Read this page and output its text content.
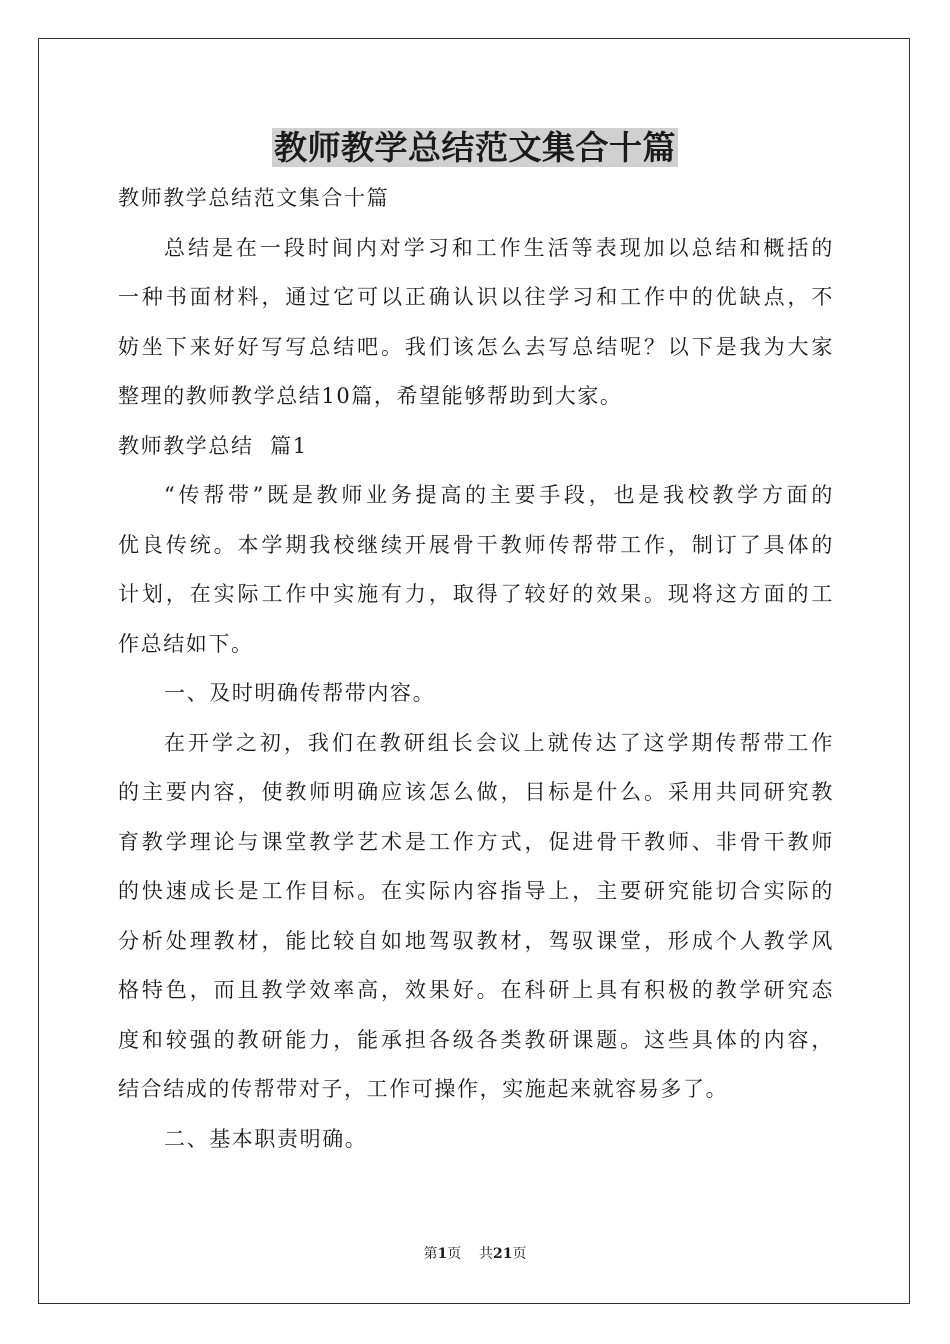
教师教学总结范文集合十篇

教师教学总结范文集合十篇

总结是在一段时间内对学习和工作生活等表现加以总结和概括的

一种书面材料，通过它可以正确认识以往学习和工作中的优缺点，不

妨坐下来好好写写总结吧。我们该怎么去写总结呢？以下是我为大家

整理的教师教学总结10篇，希望能够帮助到大家。

教师教学总结  篇1

“传帮带”既是教师业务提高的主要手段，也是我校教学方面的

优良传统。本学期我校继续开展骨干教师传帮带工作，制订了具体的

计划，在实际工作中实施有力，取得了较好的效果。现将这方面的工

作总结如下。

一、及时明确传帮带内容。

在开学之初，我们在教研组长会议上就传达了这学期传帮带工作

的主要内容，使教师明确应该怎么做，目标是什么。采用共同研究教

育教学理论与课堂教学艺术是工作方式，促进骨干教师、非骨干教师

的快速成长是工作目标。在实际内容指导上，主要研究能切合实际的

分析处理教材，能比较自如地驾驭教材，驾驭课堂，形成个人教学风

格特色，而且教学效率高，效果好。在科研上具有积极的教学研究态

度和较强的教研能力，能承担各级各类教研课题。这些具体的内容，

结合结成的传帮带对子，工作可操作，实施起来就容易多了。

二、基本职责明确。

第1页    共21页
